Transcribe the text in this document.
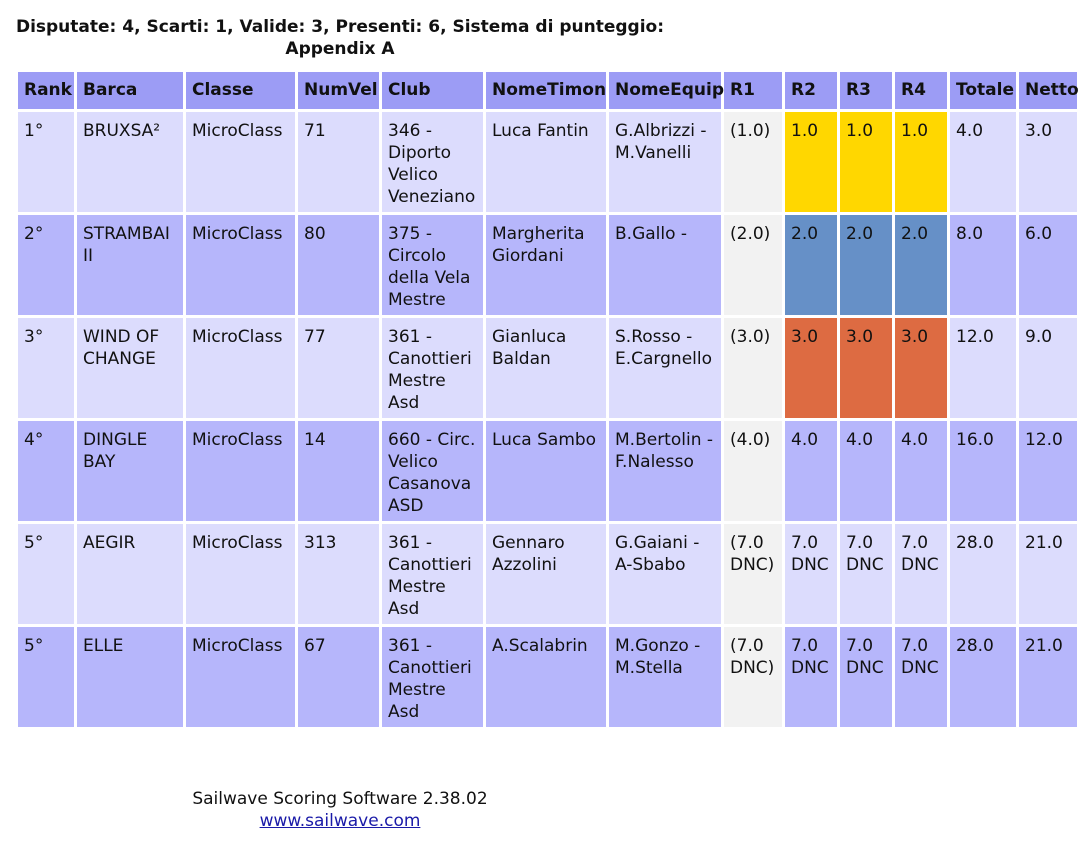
Disputate: 4, Scarti: 1, Valide: 3, Presenti: 6, Sistema di punteggio:
Appendix A
Rank	Barca	Classe	NumVel	Club	NomeTimon	NomeEquip	R1	R2	R3	R4	Totale	Netto
1°	BRUXSA²	MicroClass	71	346 - Diporto Velico Veneziano	Luca Fantin	G.Albrizzi - M.Vanelli	(1.0)	1.0	1.0	1.0	4.0	3.0
2°	STRAMBAI II	MicroClass	80	375 - Circolo della Vela Mestre	Margherita Giordani	B.Gallo -	(2.0)	2.0	2.0	2.0	8.0	6.0
3°	WIND OF CHANGE	MicroClass	77	361 - Canottieri Mestre Asd	Gianluca Baldan	S.Rosso - E.Cargnello	(3.0)	3.0	3.0	3.0	12.0	9.0
4°	DINGLE BAY	MicroClass	14	660 - Circ. Velico Casanova ASD	Luca Sambo	M.Bertolin - F.Nalesso	(4.0)	4.0	4.0	4.0	16.0	12.0
5°	AEGIR	MicroClass	313	361 - Canottieri Mestre Asd	Gennaro Azzolini	G.Gaiani - A-Sbabo	(7.0 DNC)	7.0 DNC	7.0 DNC	7.0 DNC	28.0	21.0
5°	ELLE	MicroClass	67	361 - Canottieri Mestre Asd	A.Scalabrin	M.Gonzo - M.Stella	(7.0 DNC)	7.0 DNC	7.0 DNC	7.0 DNC	28.0	21.0
Sailwave Scoring Software 2.38.02
www.sailwave.com
